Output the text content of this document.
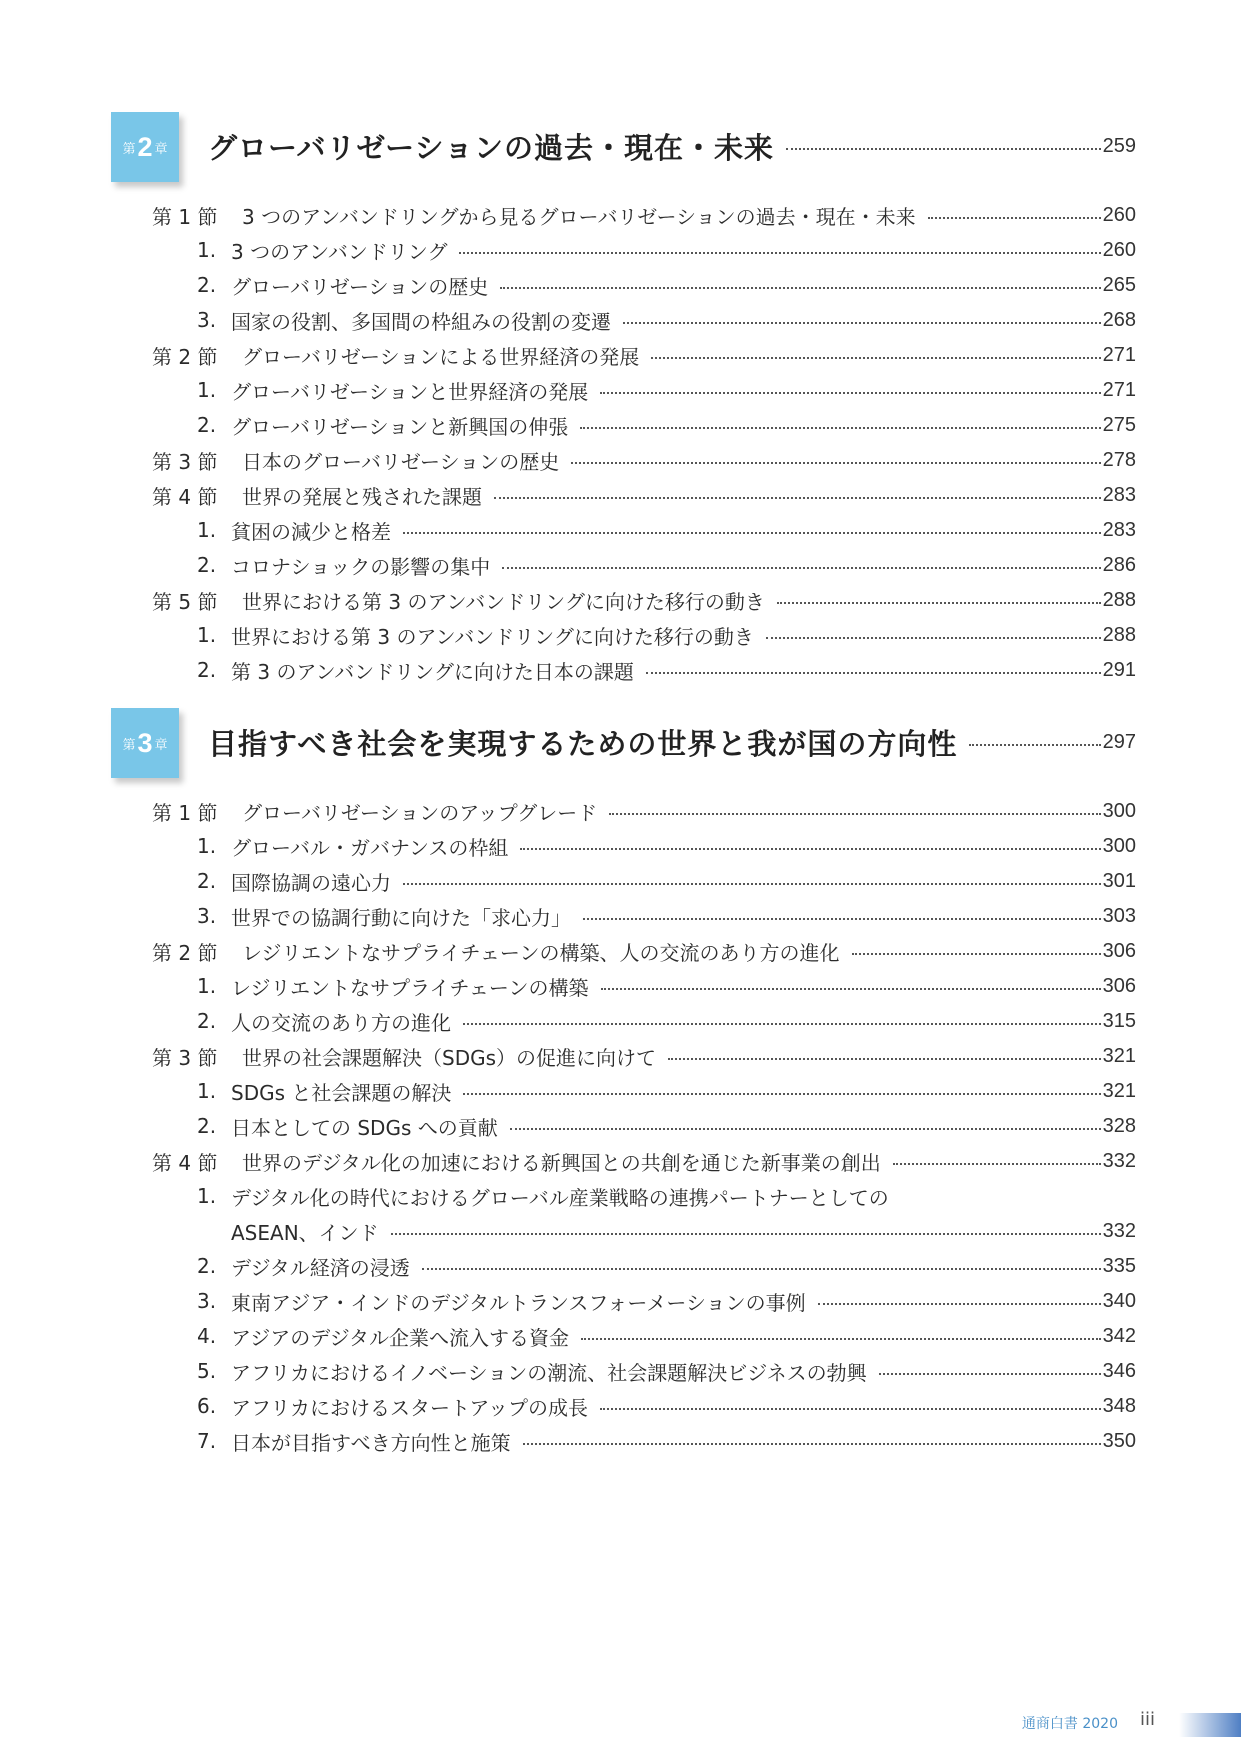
第 2 章 グローバリゼーションの過去・現在・未来	259
第 1 節	3 つのアンバンドリングから見るグローバリゼーションの過去・現在・未来	260
1. 3 つのアンバンドリング	260
2. グローバリゼーションの歴史	265
3. 国家の役割、多国間の枠組みの役割の変遷	268
第 2 節	グローバリゼーションによる世界経済の発展	271
1. グローバリゼーションと世界経済の発展	271
2. グローバリゼーションと新興国の伸張	275
第 3 節	日本のグローバリゼーションの歴史	278
第 4 節	世界の発展と残された課題	283
1. 貧困の減少と格差	283
2. コロナショックの影響の集中	286
第 5 節	世界における第 3 のアンバンドリングに向けた移行の動き	288
1. 世界における第 3 のアンバンドリングに向けた移行の動き	288
2. 第 3 のアンバンドリングに向けた日本の課題	291
第 3 章 目指すべき社会を実現するための世界と我が国の方向性	297
第 1 節	グローバリゼーションのアップグレード	300
1. グローバル・ガバナンスの枠組	300
2. 国際協調の遠心力	301
3. 世界での協調行動に向けた「求心力」	303
第 2 節	レジリエントなサプライチェーンの構築、人の交流のあり方の進化	306
1. レジリエントなサプライチェーンの構築	306
2. 人の交流のあり方の進化	315
第 3 節	世界の社会課題解決（SDGs）の促進に向けて	321
1. SDGs と社会課題の解決	321
2. 日本としての SDGs への貢献	328
第 4 節	世界のデジタル化の加速における新興国との共創を通じた新事業の創出	332
1. デジタル化の時代におけるグローバル産業戦略の連携パートナーとしての
ASEAN、インド	332
2. デジタル経済の浸透	335
3. 東南アジア・インドのデジタルトランスフォーメーションの事例	340
4. アジアのデジタル企業へ流入する資金	342
5. アフリカにおけるイノベーションの潮流、社会課題解決ビジネスの勃興	346
6. アフリカにおけるスタートアップの成長	348
7. 日本が目指すべき方向性と施策	350
通商白書 2020 iii
